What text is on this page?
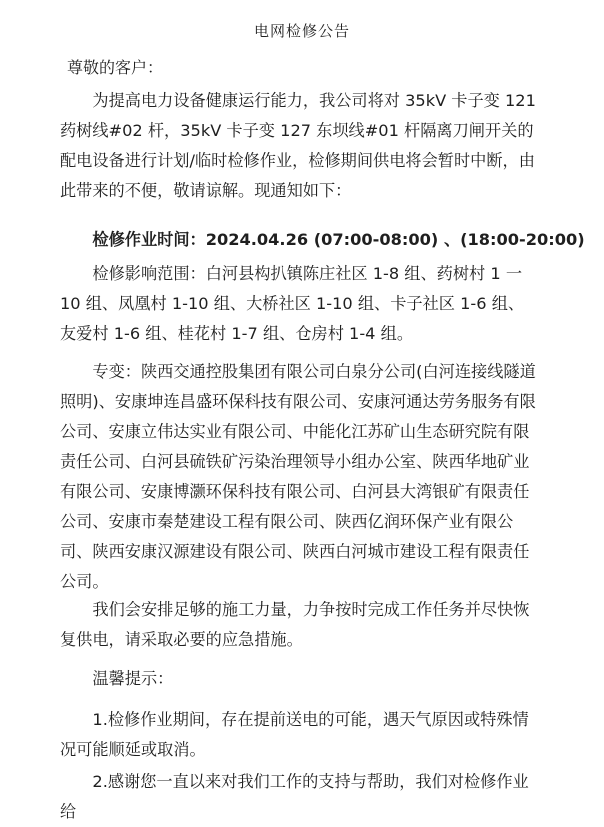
电网检修公告
尊敬的客户：
为提高电力设备健康运行能力，我公司将对 35kV 卡子变 121 药树线#02 杆，35kV 卡子变 127 东坝线#01 杆隔离刀闸开关的配电设备进行计划/临时检修作业，检修期间供电将会暂时中断，由此带来的不便，敬请谅解。现通知如下：
检修作业时间：2024.04.26 (07:00-08:00) 、(18:00-20:00)
检修影响范围：白河县构扒镇陈庄社区 1-8 组、药树村 1 一 10 组、凤凰村 1-10 组、大桥社区 1-10 组、卡子社区 1-6 组、友爱村 1-6 组、桂花村 1-7 组、仓房村 1-4 组。
专变：陕西交通控股集团有限公司白泉分公司(白河连接线隧道照明)、安康坤连昌盛环保科技有限公司、安康河通达劳务服务有限公司、安康立伟达实业有限公司、中能化江苏矿山生态研究院有限责任公司、白河县硫铁矿污染治理领导小组办公室、陕西华地矿业有限公司、安康博灏环保科技有限公司、白河县大湾银矿有限责任公司、安康市秦楚建设工程有限公司、陕西亿润环保产业有限公司、陕西安康汉源建设有限公司、陕西白河城市建设工程有限责任公司。
我们会安排足够的施工力量，力争按时完成工作任务并尽快恢复供电，请采取必要的应急措施。
温馨提示：
1.检修作业期间，存在提前送电的可能，遇天气原因或特殊情况可能顺延或取消。
2.感谢您一直以来对我们工作的支持与帮助，我们对检修作业给
